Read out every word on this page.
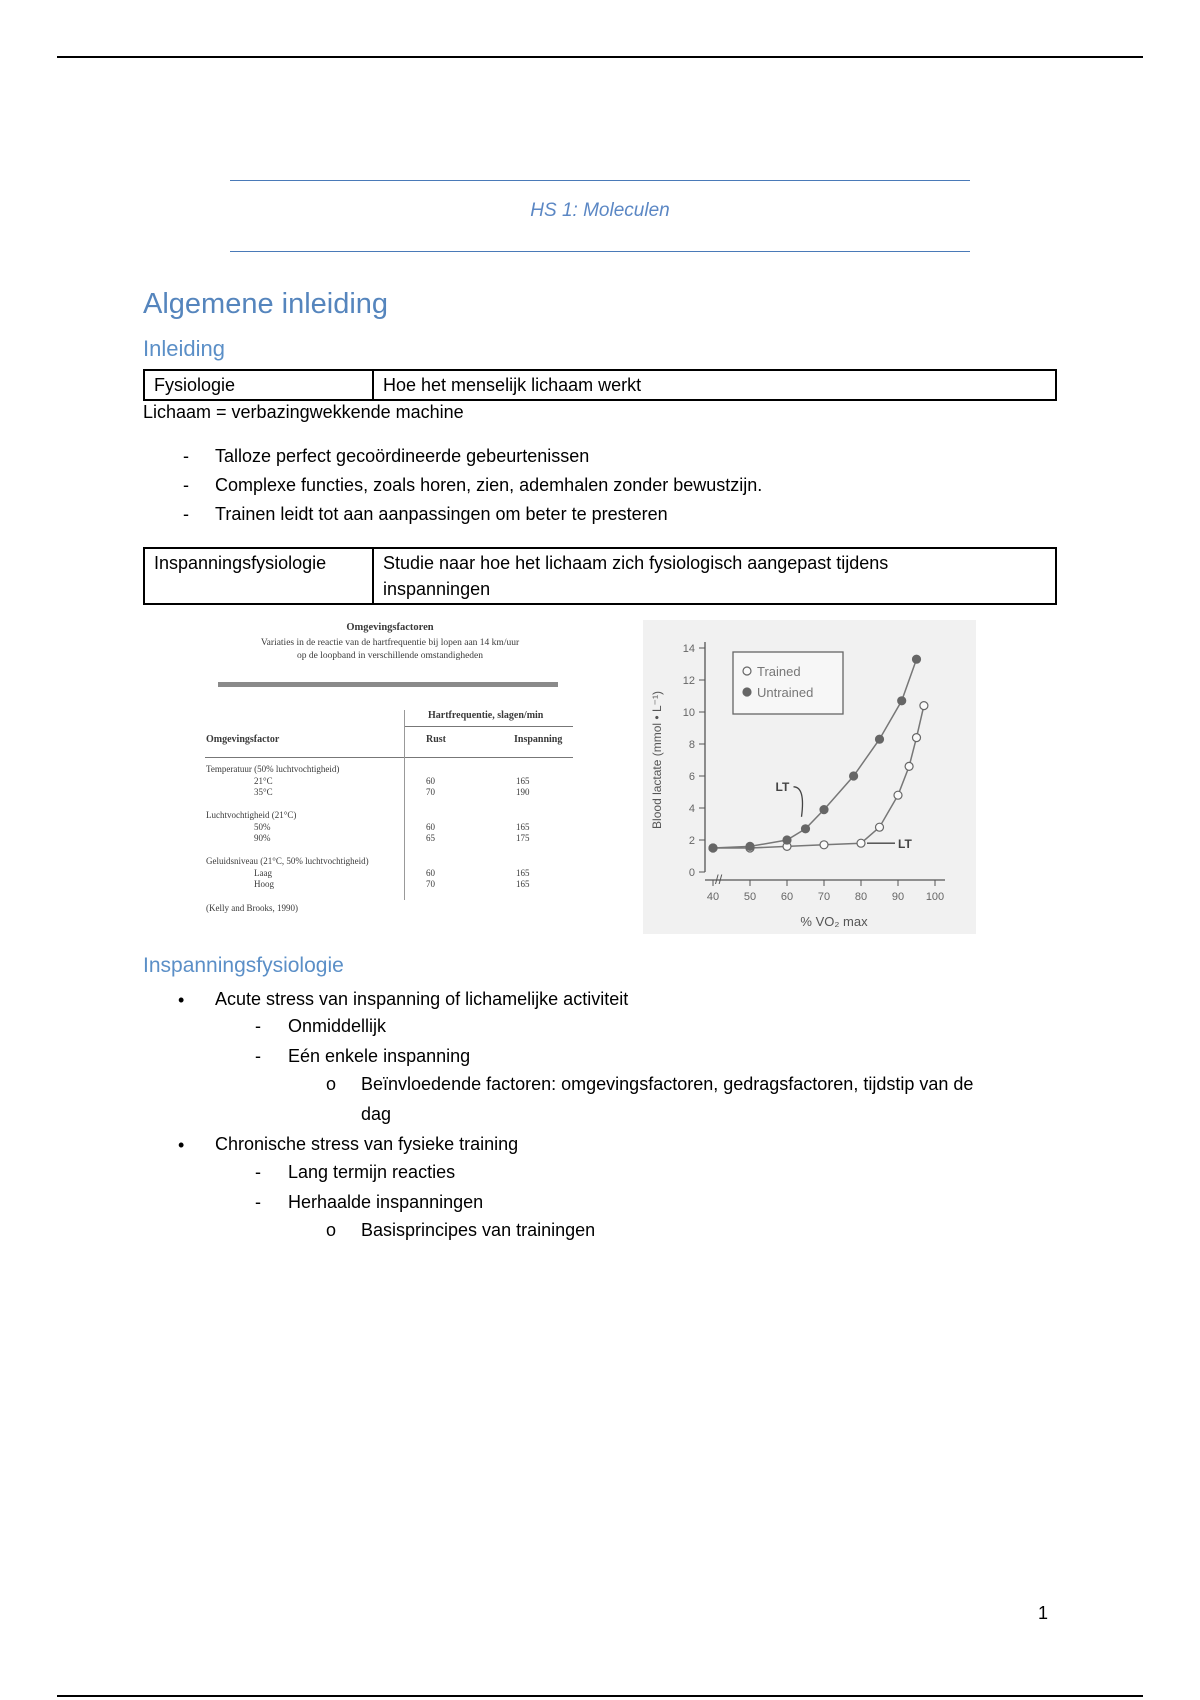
HS 1: Moleculen
Algemene inleiding
Inleiding
Fysiologie	Hoe het menselijk lichaam werkt
Lichaam = verbazingwekkende machine
- Talloze perfect gecoördineerde gebeurtenissen
- Complexe functies, zoals horen, zien, ademhalen zonder bewustzijn.
- Trainen leidt tot aan aanpassingen om beter te presteren
Inspanningsfysiologie	Studie naar hoe het lichaam zich fysiologisch aangepast tijdens
inspanningen
Omgevingsfactoren
Variaties in de reactie van de hartfrequentie bij lopen aan 14 km/uur
op de loopband in verschillende omstandigheden
Hartfrequentie, slagen/min
Omgevingsfactor	Rust	Inspanning
Temperatuur (50% luchtvochtigheid)
21°C	60	165
35°C	70	190
Luchtvochtigheid (21°C)
50%	60	165
90%	65	175
Geluidsniveau (21°C, 50% luchtvochtigheid)
Laag	60	165
Hoog	70	165
(Kelly and Brooks, 1990)
//
0
2
4
6
8
10
12
14
40 50 60 70 80 90 100
% VO₂ max
Blood lactate (mmol • L⁻¹)	LT
LT
Trained
Untrained
Inspanningsfysiologie
• Acute stress van inspanning of lichamelijke activiteit
- Onmiddellijk
- Eén enkele inspanning
o Beïnvloedende factoren: omgevingsfactoren, gedragsfactoren, tijdstip van de
dag
• Chronische stress van fysieke training
- Lang termijn reacties
- Herhaalde inspanningen
o Basisprincipes van trainingen
1
